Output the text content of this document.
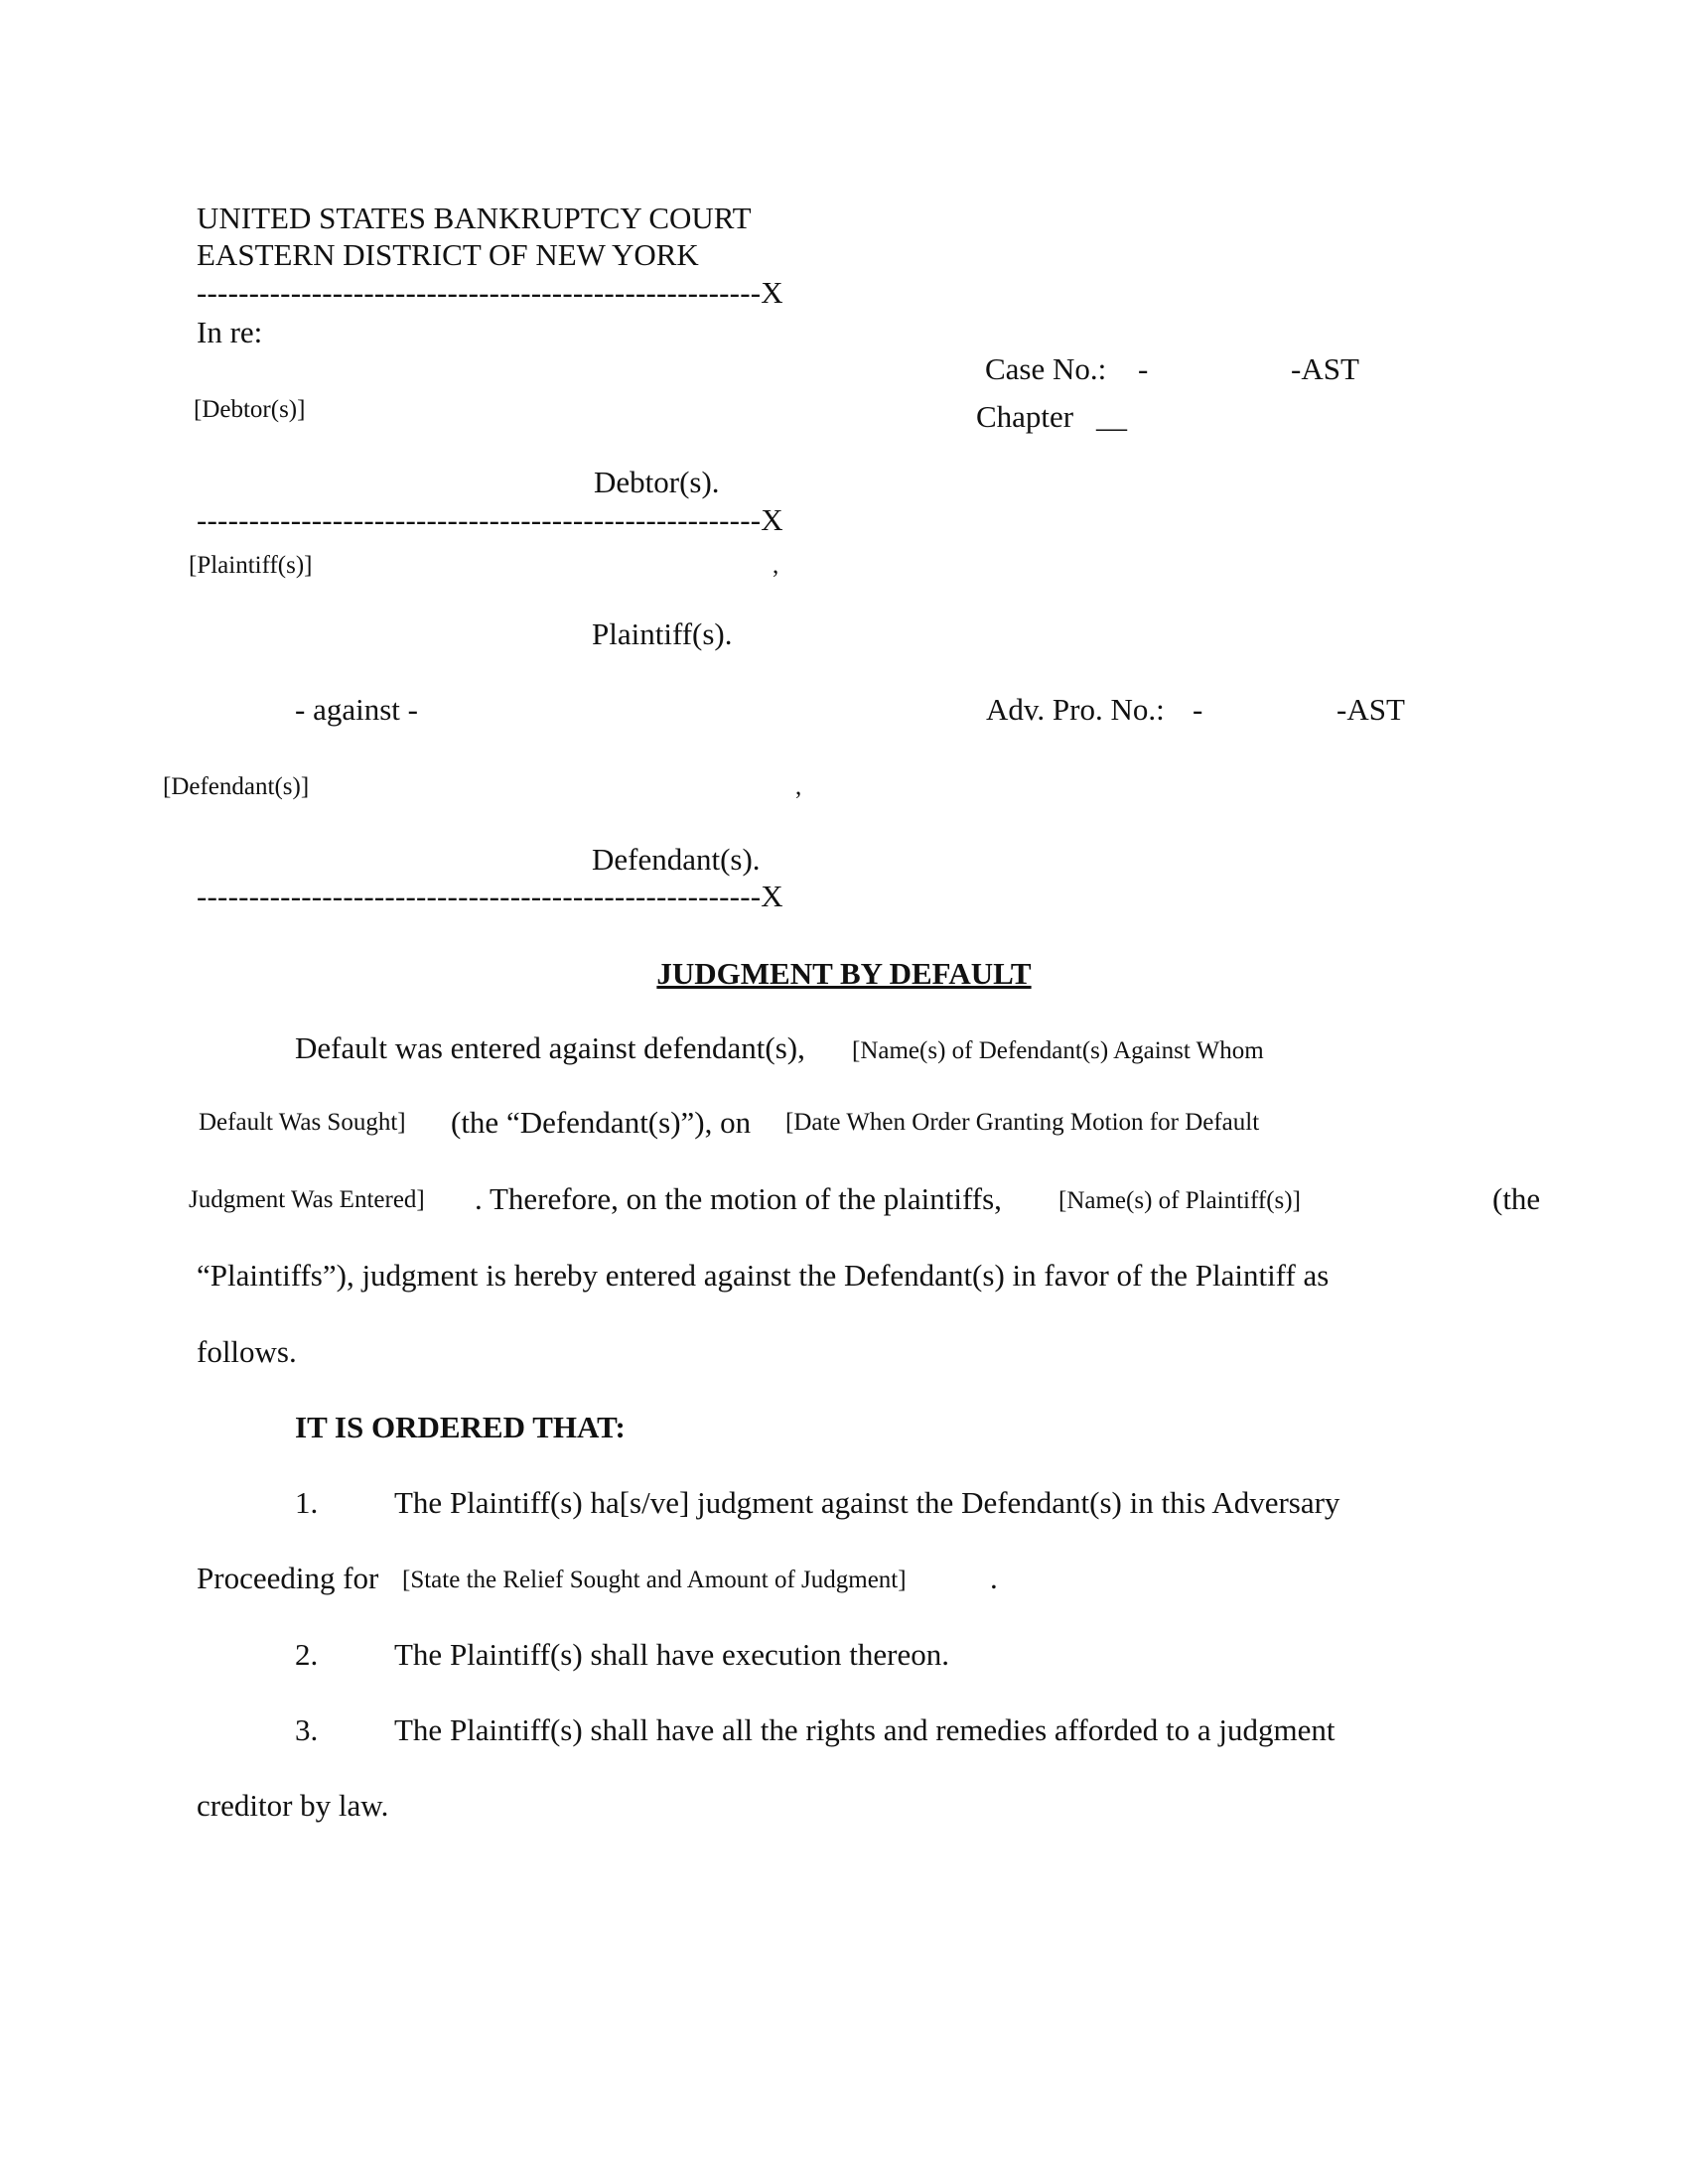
UNITED STATES BANKRUPTCY COURT
EASTERN DISTRICT OF NEW YORK
------------------------------------------------------X
In re:
[Debtor(s)]
Debtor(s).
Case No.: -	-AST
Chapter __
------------------------------------------------------X
[Plaintiff(s)]	,
Plaintiff(s).
- against -	Adv. Pro. No.: -	-AST
[Defendant(s)]	,
Defendant(s).
------------------------------------------------------X
JUDGMENT BY DEFAULT
Default was entered against defendant(s), [Name(s) of Defendant(s) Against Whom
Default Was Sought] (the “Defendant(s)”), on [Date When Order Granting Motion for Default
Judgment Was Entered] . Therefore, on the motion of the plaintiffs, [Name(s) of Plaintiff(s)]	(the
“Plaintiffs”), judgment is hereby entered against the Defendant(s) in favor of the Plaintiff as
follows.
IT IS ORDERED THAT:
1. The Plaintiff(s) ha[s/ve] judgment against the Defendant(s) in this Adversary
Proceeding for [State the Relief Sought and Amount of Judgment]	.
2. The Plaintiff(s) shall have execution thereon.
3. The Plaintiff(s) shall have all the rights and remedies afforded to a judgment
creditor by law.
